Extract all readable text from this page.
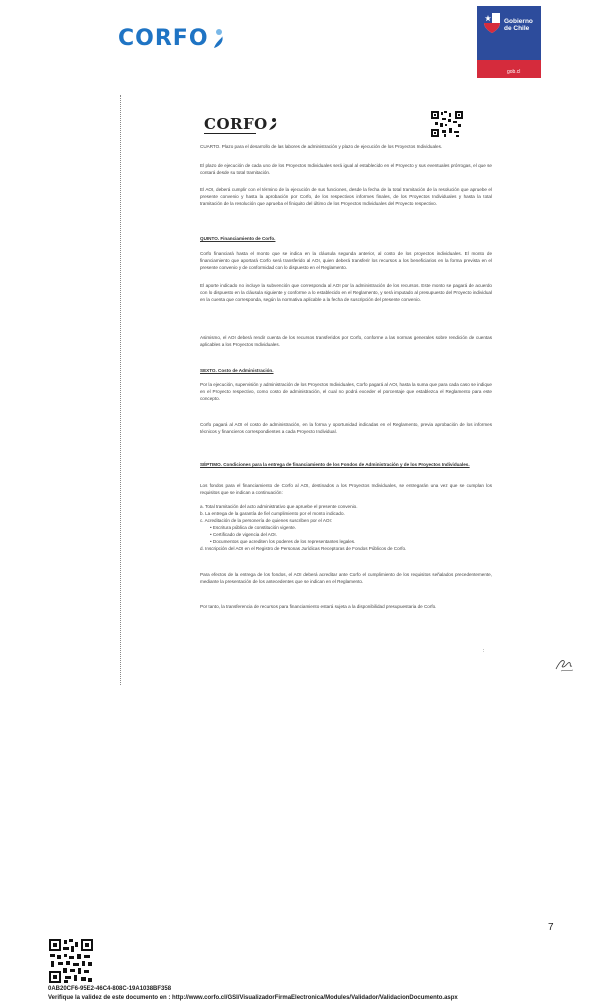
CORFO
Gobierno de Chile
gob.cl
CORFO

CUARTO. Plazo para el desarrollo de las labores de administración y plazo de ejecución de los Proyectos Individuales.

El plazo de ejecución de cada uno de los Proyectos Individuales será igual al establecido en el Proyecto y sus eventuales prórrogas, el que se contará desde su total tramitación.

El AOI, deberá cumplir con el término de la ejecución de sus funciones, desde la fecha de la total tramitación de la resolución que apruebe el presente convenio y hasta la aprobación por Corfo, de los respectivos informes finales, de los Proyectos Individuales y hasta la total tramitación de la resolución que aprueba el finiquito del último de los Proyectos Individuales del Proyecto respectivo.

QUINTO. Financiamiento de Corfo.

Corfo financiará hasta el monto que se indica en la cláusula segunda anterior, al costo de los proyectos individuales. El monto de financiamiento que aportará Corfo será transferido al AOI, quien deberá transferir los recursos a los beneficiarios en la forma prevista en el presente convenio y de conformidad con lo dispuesto en el Reglamento.

El aporte indicado no incluye la subvención que corresponda al AOI por la administración de los recursos. Este monto se pagará de acuerdo con lo dispuesto en la cláusula siguiente y conforme a lo establecido en el Reglamento, y será imputado al presupuesto del Proyecto individual en la cuenta que corresponda, según la normativa aplicable a la fecha de suscripción del presente convenio.

Asimismo, el AOI deberá rendir cuenta de los recursos transferidos por Corfo, conforme a las normas generales sobre rendición de cuentas aplicables a los Proyectos Individuales.

SEXTO. Costo de Administración.

Por la ejecución, supervisión y administración de los Proyectos Individuales, Corfo pagará al AOI, hasta la suma que para cada caso se indique en el Proyecto respectivo, como costo de administración, el cual no podrá exceder el porcentaje que establezca el Reglamento para este concepto.

Corfo pagará al AOI el costo de administración, en la forma y oportunidad indicadas en el Reglamento, previa aprobación de los informes técnicos y financieros correspondientes a cada Proyecto Individual.

SÉPTIMO. Condiciones para la entrega de financiamiento de los Fondos de Administración y de los Proyectos Individuales.

Los fondos para el financiamiento de Corfo al AOI, destinados a los Proyectos Individuales, se entregarán una vez que se cumplan los requisitos que se indican a continuación:

a. Total tramitación del acto administrativo que apruebe el presente convenio.
b. La entrega de la garantía de fiel cumplimiento por el monto indicado.
c. Acreditación de la personería de quienes suscriben por el AOI:
• Escritura pública de constitución vigente.
• Certificado de vigencia del AOI.
• Documentos que acrediten los poderes de los representantes legales.
d. Inscripción del AOI en el Registro de Personas Jurídicas Receptoras de Fondos Públicos de Corfo.

Para efectos de la entrega de los fondos, el AOI deberá acreditar ante Corfo el cumplimiento de los requisitos señalados precedentemente, mediante la presentación de los antecedentes que se indican en el Reglamento.

Por tanto, la transferencia de recursos para financiamiento estará sujeta a la disponibilidad presupuestaria de Corfo.

:
7
0AB20CF6-95E2-46C4-808C-19A1038BF358
Verifique la validez de este documento en : http://www.corfo.cl/GSI/VisualizadorFirmaElectronica/Modules/Validador/ValidacionDocumento.aspx
